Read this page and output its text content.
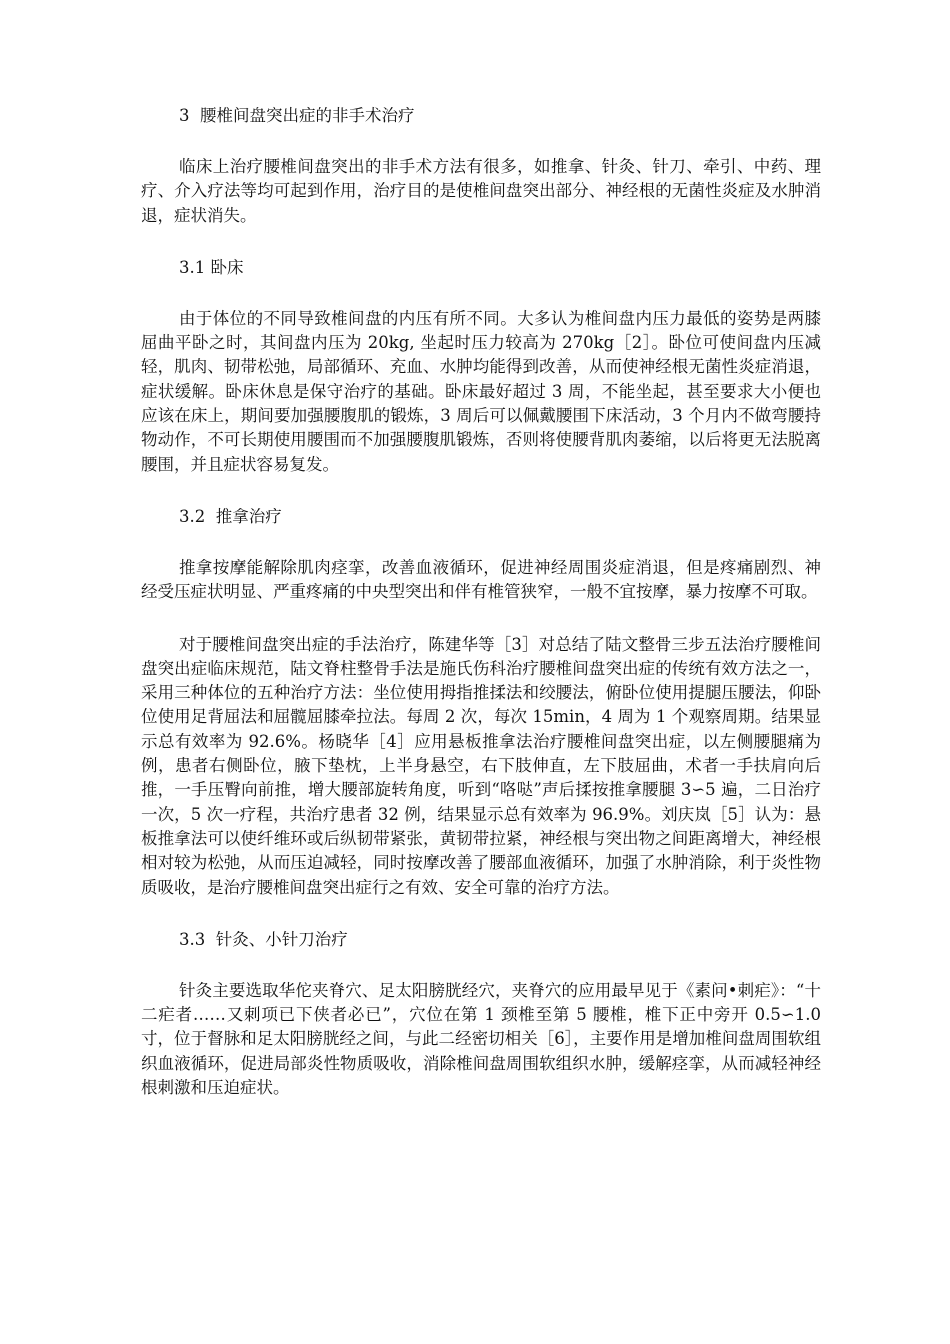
3  腰椎间盘突出症的非手术治疗

临床上治疗腰椎间盘突出的非手术方法有很多，如推拿、针灸、针刀、牵引、中药、理疗、介入疗法等均可起到作用，治疗目的是使椎间盘突出部分、神经根的无菌性炎症及水肿消退，症状消失。

3.1 卧床

由于体位的不同导致椎间盘的内压有所不同。大多认为椎间盘内压力最低的姿势是两膝屈曲平卧之时，其间盘内压为 20kg, 坐起时压力较高为 270kg［2］。卧位可使间盘内压减轻，肌肉、韧带松弛，局部循环、充血、水肿均能得到改善，从而使神经根无菌性炎症消退，症状缓解。卧床休息是保守治疗的基础。卧床最好超过 3 周，不能坐起，甚至要求大小便也应该在床上，期间要加强腰腹肌的锻炼，3 周后可以佩戴腰围下床活动，3 个月内不做弯腰持物动作，不可长期使用腰围而不加强腰腹肌锻炼，否则将使腰背肌肉萎缩，以后将更无法脱离腰围，并且症状容易复发。

3.2  推拿治疗

推拿按摩能解除肌肉痉挛，改善血液循环，促进神经周围炎症消退，但是疼痛剧烈、神经受压症状明显、严重疼痛的中央型突出和伴有椎管狭窄，一般不宜按摩，暴力按摩不可取。

对于腰椎间盘突出症的手法治疗，陈建华等［3］对总结了陆文整骨三步五法治疗腰椎间盘突出症临床规范，陆文脊柱整骨手法是施氏伤科治疗腰椎间盘突出症的传统有效方法之一，采用三种体位的五种治疗方法：坐位使用拇指推揉法和绞腰法，俯卧位使用提腿压腰法，仰卧位使用足背屈法和屈髋屈膝牵拉法。每周 2 次，每次 15min，4 周为 1 个观察周期。结果显示总有效率为 92.6%。杨晓华［4］应用悬板推拿法治疗腰椎间盘突出症，以左侧腰腿痛为例，患者右侧卧位，腋下垫枕，上半身悬空，右下肢伸直，左下肢屈曲，术者一手扶肩向后推，一手压臀向前推，增大腰部旋转角度，听到“咯哒”声后揉按推拿腰腿 3∽5 遍，二日治疗一次，5 次一疗程，共治疗患者 32 例，结果显示总有效率为 96.9%。刘庆岚［5］认为：悬板推拿法可以使纤维环或后纵韧带紧张，黄韧带拉紧，神经根与突出物之间距离增大，神经根相对较为松弛，从而压迫减轻，同时按摩改善了腰部血液循环，加强了水肿消除，利于炎性物质吸收，是治疗腰椎间盘突出症行之有效、安全可靠的治疗方法。

3.3  针灸、小针刀治疗

针灸主要选取华佗夹脊穴、足太阳膀胱经穴，夹脊穴的应用最早见于《素问•刺疟》：“十二疟者……又刺项已下侠者必已”，穴位在第 1 颈椎至第 5 腰椎，椎下正中旁开 0.5∽1.0 寸，位于督脉和足太阳膀胱经之间，与此二经密切相关［6］，主要作用是增加椎间盘周围软组织血液循环，促进局部炎性物质吸收，消除椎间盘周围软组织水肿，缓解痉挛，从而减轻神经根刺激和压迫症状。
